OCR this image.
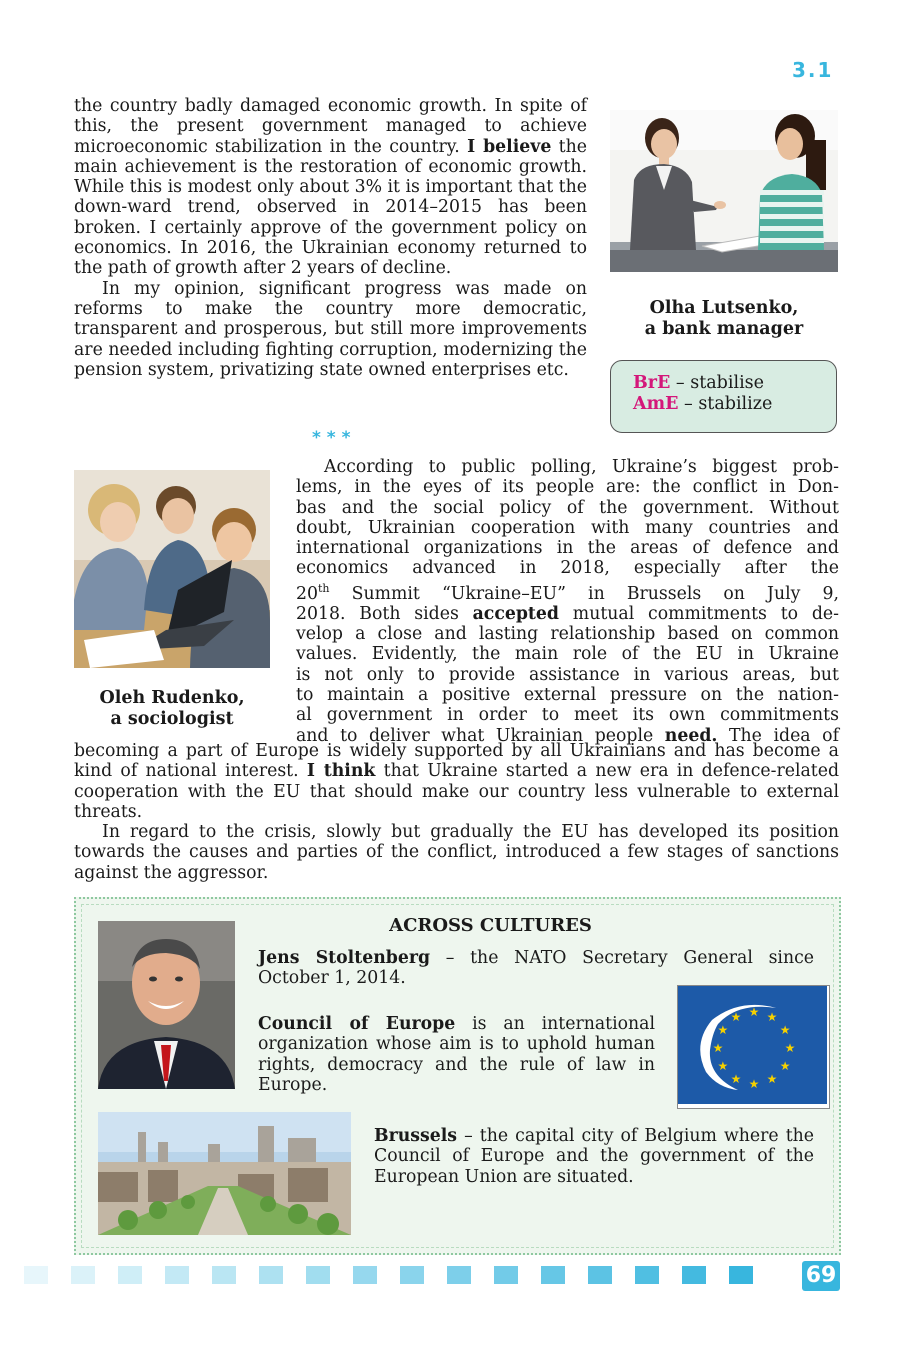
3.1

the country badly damaged economic growth. In spite of this, the present government managed to achieve microeconomic stabilization in the country. I believe the main achievement is the restoration of economic growth. While this is modest only about 3% it is important that the down-ward trend, observed in 2014–2015 has been broken. I certainly approve of the government policy on economics. In 2016, the Ukrainian economy returned to the path of growth after 2 years of decline.

In my opinion, significant progress was made on reforms to make the country more democratic, transparent and prosperous, but still more improvements are needed including fighting corruption, modernizing the pension system, privatizing state owned enterprises etc.

Olha Lutsenko,
a bank manager
BrE – stabilise
AmE – stabilize
* * *
Oleh Rudenko,
a sociologist
According to public polling, Ukraine’s biggest prob-
lems, in the eyes of its people are: the conflict in Don-
bas and the social policy of the government. Without
doubt, Ukrainian cooperation with many countries and
international organizations in the areas of defence and
economics advanced in 2018, especially after the
20th Summit “Ukraine–EU” in Brussels on July 9,
2018. Both sides accepted mutual commitments to de-
velop a close and lasting relationship based on common
values. Evidently, the main role of the EU in Ukraine
is not only to provide assistance in various areas, but
to maintain a positive external pressure on the nation-
al government in order to meet its own commitments
and to deliver what Ukrainian people need. The idea of

becoming a part of Europe is widely supported by all Ukrainians and has become a kind of national interest. I think that Ukraine started a new era in defence-related cooperation with the EU that should make our country less vulnerable to external threats.

In regard to the crisis, slowly but gradually the EU has developed its position towards the causes and parties of the conflict, introduced a few stages of sanctions against the aggressor.

ACROSS CULTURES

Jens Stoltenberg – the NATO Secretary General since October 1, 2014.

Council of Europe is an international organization whose aim is to uphold human rights, democracy and the rule of law in Europe.

★
★
★
★
★
★
★
★
★ ★ ★
★

Brussels – the capital city of Belgium where the Council of Europe and the government of the European Union are situated.

69
